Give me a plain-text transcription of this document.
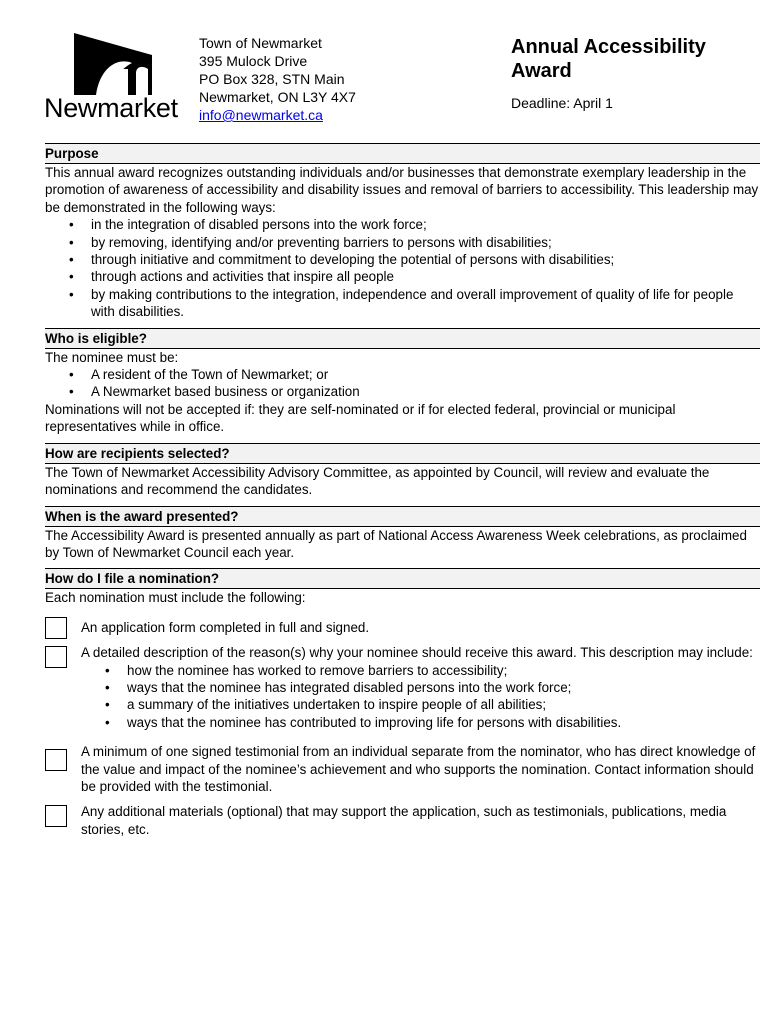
Newmarket
Town of Newmarket
395 Mulock Drive
PO Box 328, STN Main
Newmarket, ON L3Y 4X7
info@newmarket.ca
Annual Accessibility Award
Deadline: April 1
Purpose

This annual award recognizes outstanding individuals and/or businesses that demonstrate exemplary leadership in the promotion of awareness of accessibility and disability issues and removal of barriers to accessibility. This leadership may be demonstrated in the following ways:

• in the integration of disabled persons into the work force;
• by removing, identifying and/or preventing barriers to persons with disabilities;
• through initiative and commitment to developing the potential of persons with disabilities;
• through actions and activities that inspire all people
• by making contributions to the integration, independence and overall improvement of quality of life for people with disabilities.
Who is eligible?

The nominee must be:

• A resident of the Town of Newmarket; or
• A Newmarket based business or organization

Nominations will not be accepted if: they are self-nominated or if for elected federal, provincial or municipal representatives while in office.

How are recipients selected?

The Town of Newmarket Accessibility Advisory Committee, as appointed by Council, will review and evaluate the nominations and recommend the candidates.

When is the award presented?

The Accessibility Award is presented annually as part of National Access Awareness Week celebrations, as proclaimed by Town of Newmarket Council each year.

How do I file a nomination?

Each nomination must include the following:

An application form completed in full and signed.
A detailed description of the reason(s) why your nominee should receive this award. This description may include:
• how the nominee has worked to remove barriers to accessibility;
• ways that the nominee has integrated disabled persons into the work force;
• a summary of the initiatives undertaken to inspire people of all abilities;
• ways that the nominee has contributed to improving life for persons with disabilities.
A minimum of one signed testimonial from an individual separate from the nominator, who has direct knowledge of the value and impact of the nominee’s achievement and who supports the nomination. Contact information should be provided with the testimonial.
Any additional materials (optional) that may support the application, such as testimonials, publications, media stories, etc.
